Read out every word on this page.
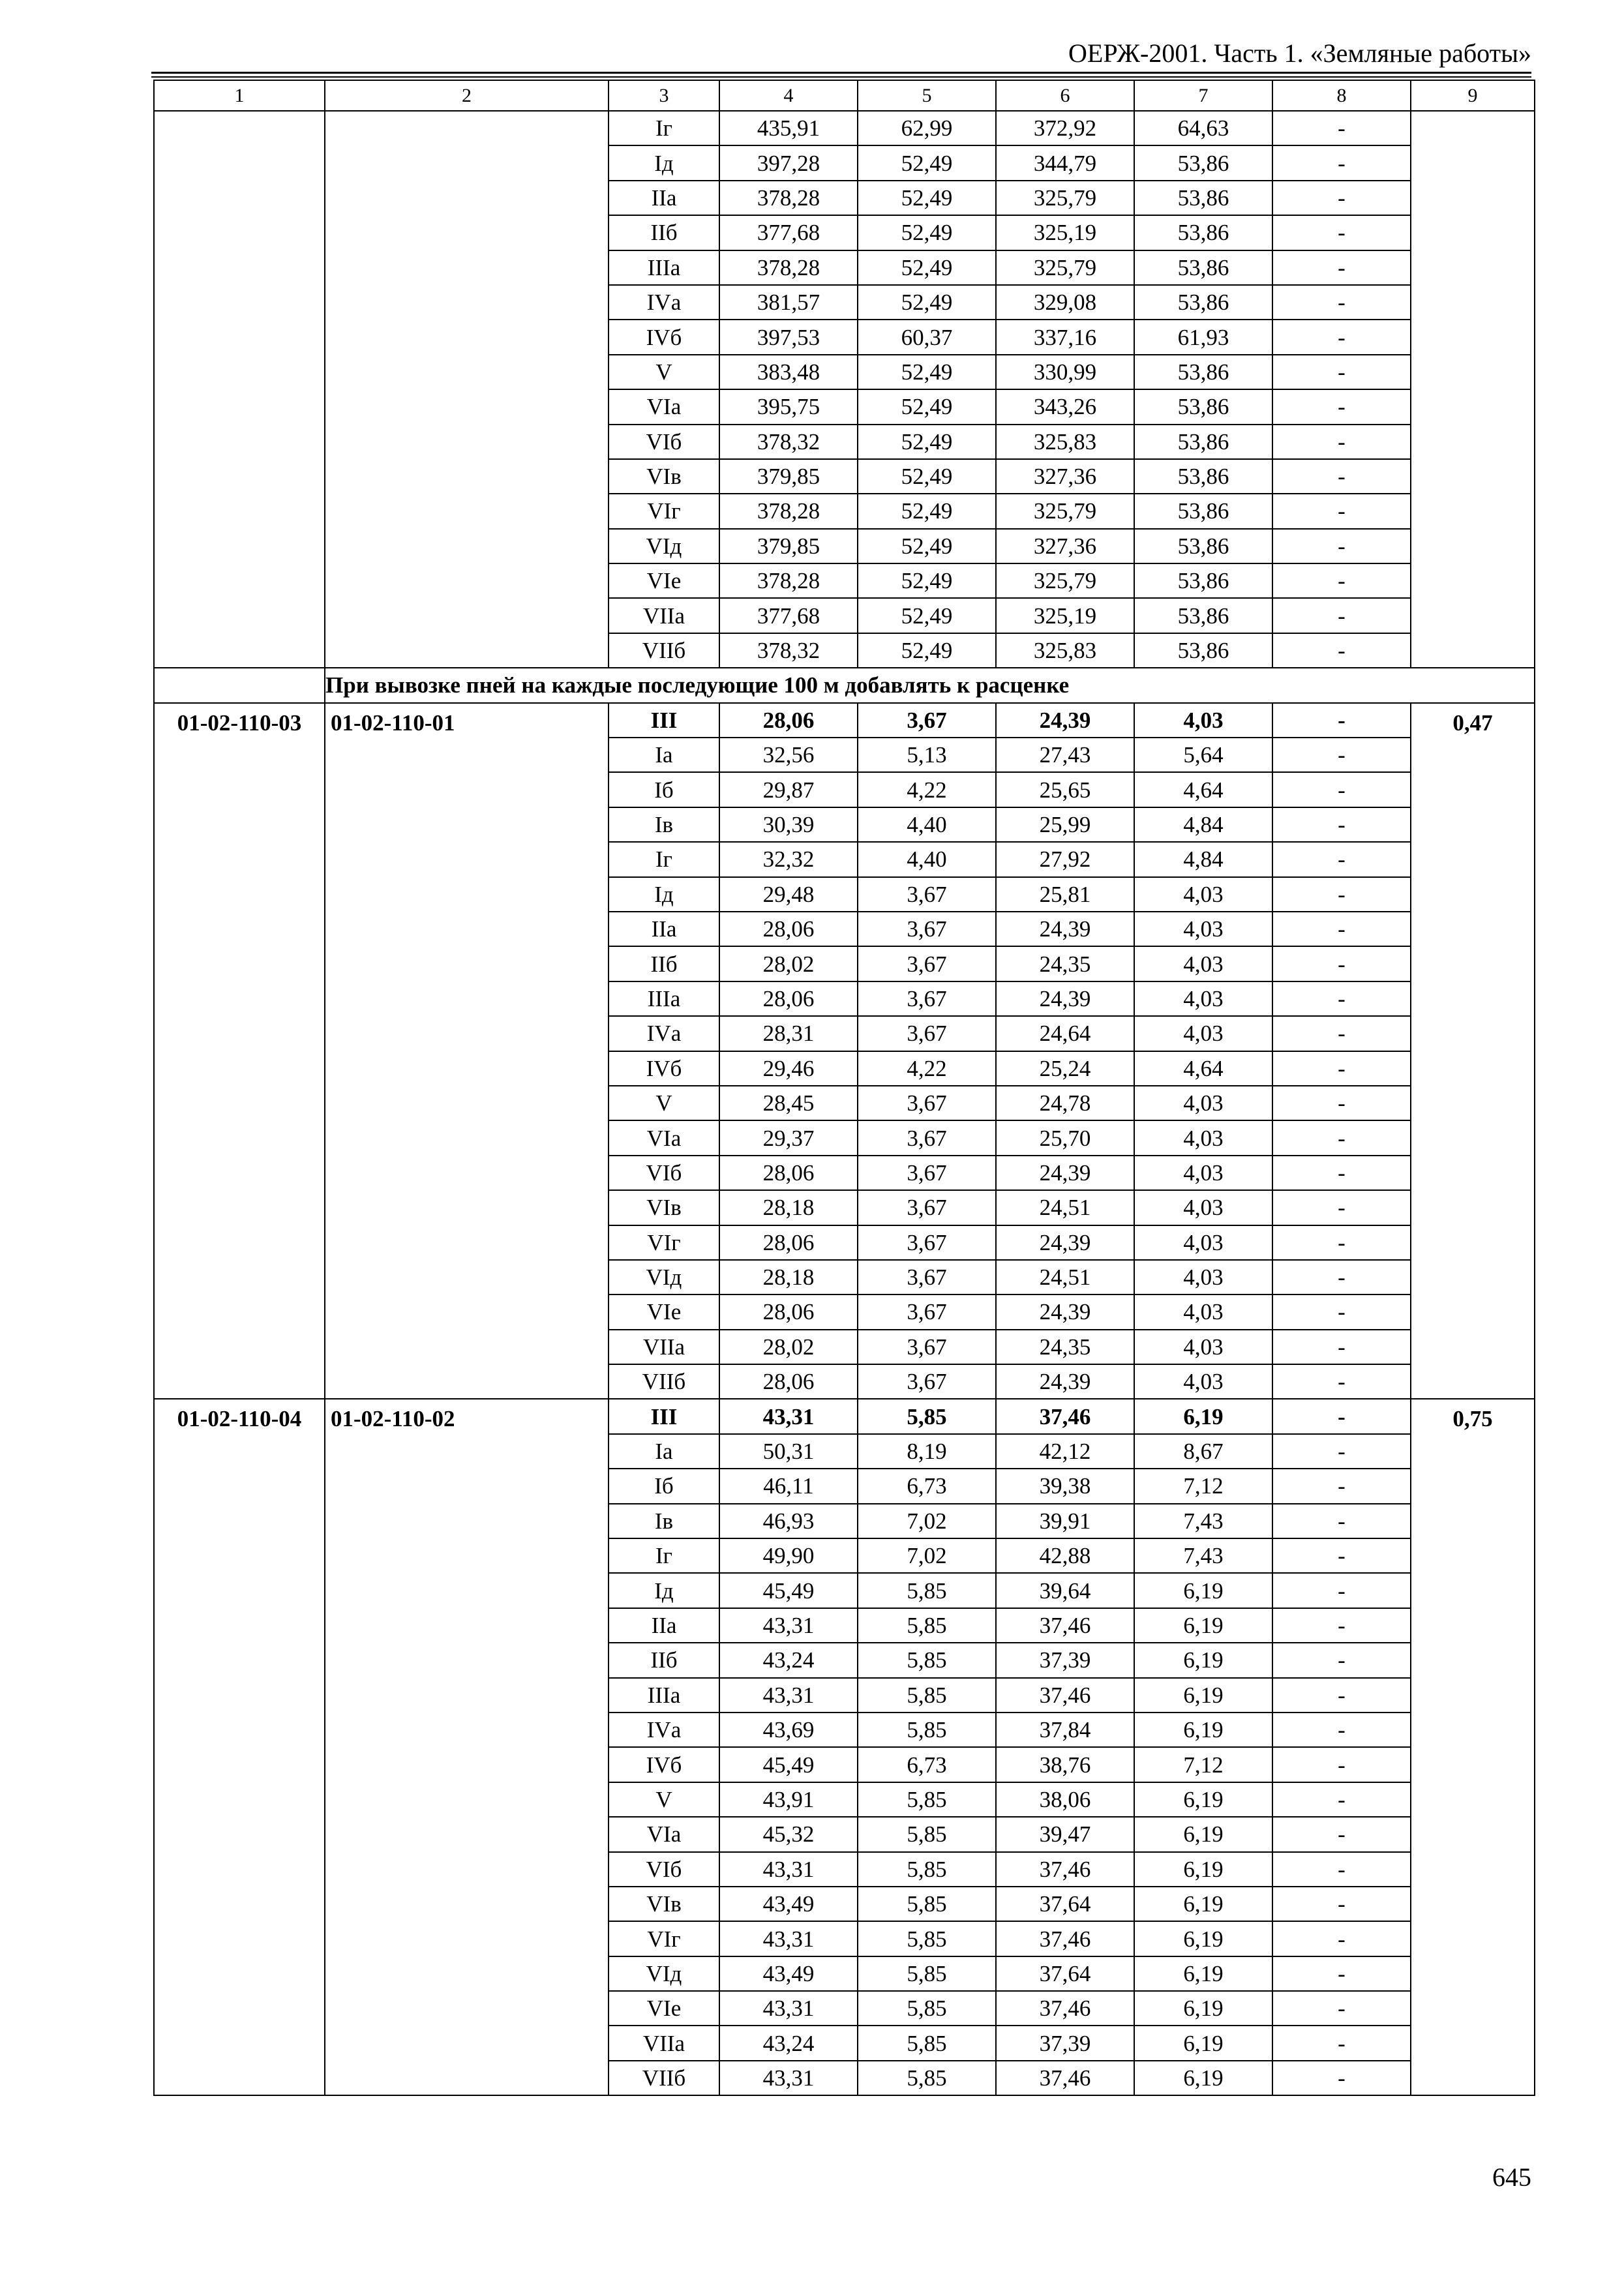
ОЕРЖ-2001. Часть 1. «Земляные работы»
1	2	3	4	5	6	7	8	9
		Iг	435,91	62,99	372,92	64,63	-	
		Iд	397,28	52,49	344,79	53,86	-	
		IIа	378,28	52,49	325,79	53,86	-	
		IIб	377,68	52,49	325,19	53,86	-	
		IIIа	378,28	52,49	325,79	53,86	-	
		IVа	381,57	52,49	329,08	53,86	-	
		IVб	397,53	60,37	337,16	61,93	-	
		V	383,48	52,49	330,99	53,86	-	
		VIа	395,75	52,49	343,26	53,86	-	
		VIб	378,32	52,49	325,83	53,86	-	
		VIв	379,85	52,49	327,36	53,86	-	
		VIг	378,28	52,49	325,79	53,86	-	
		VIд	379,85	52,49	327,36	53,86	-	
		VIе	378,28	52,49	325,79	53,86	-	
		VIIа	377,68	52,49	325,19	53,86	-	
		VIIб	378,32	52,49	325,83	53,86	-	
	При вывозке пней на каждые последующие 100 м добавлять к расценке							
01-02-110-03	01-02-110-01	III	28,06	3,67	24,39	4,03	-	0,47
		Iа	32,56	5,13	27,43	5,64	-	
		Iб	29,87	4,22	25,65	4,64	-	
		Iв	30,39	4,40	25,99	4,84	-	
		Iг	32,32	4,40	27,92	4,84	-	
		Iд	29,48	3,67	25,81	4,03	-	
		IIа	28,06	3,67	24,39	4,03	-	
		IIб	28,02	3,67	24,35	4,03	-	
		IIIа	28,06	3,67	24,39	4,03	-	
		IVа	28,31	3,67	24,64	4,03	-	
		IVб	29,46	4,22	25,24	4,64	-	
		V	28,45	3,67	24,78	4,03	-	
		VIа	29,37	3,67	25,70	4,03	-	
		VIб	28,06	3,67	24,39	4,03	-	
		VIв	28,18	3,67	24,51	4,03	-	
		VIг	28,06	3,67	24,39	4,03	-	
		VIд	28,18	3,67	24,51	4,03	-	
		VIе	28,06	3,67	24,39	4,03	-	
		VIIа	28,02	3,67	24,35	4,03	-	
		VIIб	28,06	3,67	24,39	4,03	-	
01-02-110-04	01-02-110-02	III	43,31	5,85	37,46	6,19	-	0,75
		Iа	50,31	8,19	42,12	8,67	-	
		Iб	46,11	6,73	39,38	7,12	-	
		Iв	46,93	7,02	39,91	7,43	-	
		Iг	49,90	7,02	42,88	7,43	-	
		Iд	45,49	5,85	39,64	6,19	-	
		IIа	43,31	5,85	37,46	6,19	-	
		IIб	43,24	5,85	37,39	6,19	-	
		IIIа	43,31	5,85	37,46	6,19	-	
		IVа	43,69	5,85	37,84	6,19	-	
		IVб	45,49	6,73	38,76	7,12	-	
		V	43,91	5,85	38,06	6,19	-	
		VIа	45,32	5,85	39,47	6,19	-	
		VIб	43,31	5,85	37,46	6,19	-	
		VIв	43,49	5,85	37,64	6,19	-	
		VIг	43,31	5,85	37,46	6,19	-	
		VIд	43,49	5,85	37,64	6,19	-	
		VIе	43,31	5,85	37,46	6,19	-	
		VIIа	43,24	5,85	37,39	6,19	-	
		VIIб	43,31	5,85	37,46	6,19	-	
645
